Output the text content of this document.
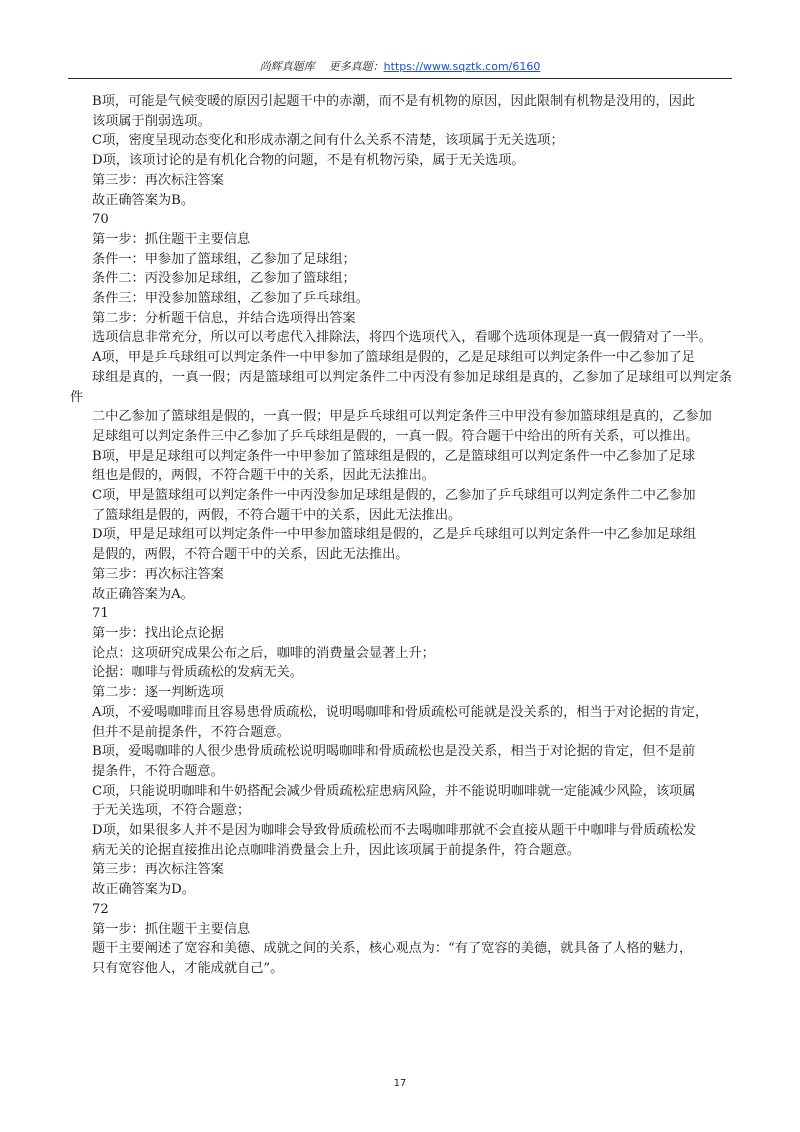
尚辉真题库 更多真题：https://www.sqztk.com/6160

B项，可能是气候变暖的原因引起题干中的赤潮，而不是有机物的原因，因此限制有机物是没用的，因此

该项属于削弱选项。

C项，密度呈现动态变化和形成赤潮之间有什么关系不清楚，该项属于无关选项；

D项，该项讨论的是有机化合物的问题，不是有机物污染，属于无关选项。

第三步：再次标注答案

故正确答案为B。

70

第一步：抓住题干主要信息

条件一：甲参加了篮球组，乙参加了足球组；

条件二：丙没参加足球组，乙参加了篮球组；

条件三：甲没参加篮球组，乙参加了乒乓球组。

第二步：分析题干信息，并结合选项得出答案

选项信息非常充分，所以可以考虑代入排除法，将四个选项代入，看哪个选项体现是一真一假猜对了一半。

A项，甲是乒乓球组可以判定条件一中甲参加了篮球组是假的，乙是足球组可以判定条件一中乙参加了足

球组是真的，一真一假；丙是篮球组可以判定条件二中丙没有参加足球组是真的，乙参加了足球组可以判定条件

二中乙参加了篮球组是假的，一真一假；甲是乒乓球组可以判定条件三中甲没有参加篮球组是真的，乙参加

足球组可以判定条件三中乙参加了乒乓球组是假的，一真一假。符合题干中给出的所有关系，可以推出。

B项，甲是足球组可以判定条件一中甲参加了篮球组是假的，乙是篮球组可以判定条件一中乙参加了足球

组也是假的，两假，不符合题干中的关系，因此无法推出。

C项，甲是篮球组可以判定条件一中丙没参加足球组是假的，乙参加了乒乓球组可以判定条件二中乙参加

了篮球组是假的，两假，不符合题干中的关系，因此无法推出。

D项，甲是足球组可以判定条件一中甲参加篮球组是假的，乙是乒乓球组可以判定条件一中乙参加足球组

是假的，两假，不符合题干中的关系，因此无法推出。

第三步：再次标注答案

故正确答案为A。

71

第一步：找出论点论据

论点：这项研究成果公布之后，咖啡的消费量会显著上升；

论据：咖啡与骨质疏松的发病无关。

第二步：逐一判断选项

A项，不爱喝咖啡而且容易患骨质疏松，说明喝咖啡和骨质疏松可能就是没关系的，相当于对论据的肯定，

但并不是前提条件，不符合题意。

B项，爱喝咖啡的人很少患骨质疏松说明喝咖啡和骨质疏松也是没关系，相当于对论据的肯定，但不是前

提条件，不符合题意。

C项，只能说明咖啡和牛奶搭配会减少骨质疏松症患病风险，并不能说明咖啡就一定能减少风险，该项属

于无关选项，不符合题意；

D项，如果很多人并不是因为咖啡会导致骨质疏松而不去喝咖啡那就不会直接从题干中咖啡与骨质疏松发

病无关的论据直接推出论点咖啡消费量会上升，因此该项属于前提条件，符合题意。

第三步：再次标注答案

故正确答案为D。

72

第一步：抓住题干主要信息

题干主要阐述了宽容和美德、成就之间的关系，核心观点为：“有了宽容的美德，就具备了人格的魅力，

只有宽容他人，才能成就自己”。

17
